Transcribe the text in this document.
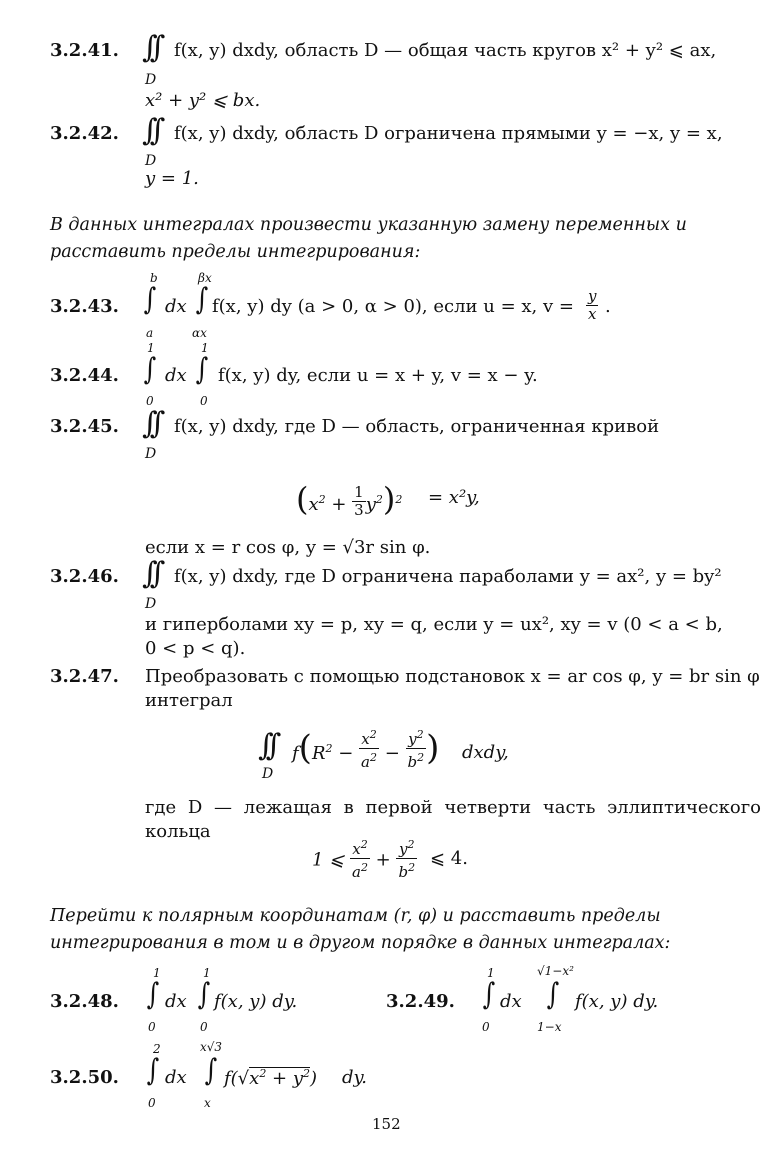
3.2.41. ∫∫
D
f(x, y) dxdy, область D — общая часть кругов x² + y² ⩽ ax,
x² + y² ⩽ bx.
3.2.42. ∫∫
D
f(x, y) dxdy, область D ограничена прямыми y = −x, y = x,
y = 1.
В данных интегралах произвести указанную замену переменных и расставить пределы интегрирования:
3.2.43.
b
∫
a
dx
βx
∫
αx
f(x, y) dy (a > 0, α > 0), если u = x, v = y
x .
3.2.44.
1
∫
0
dx
1
∫
0
f(x, y) dy, если u = x + y, v = x − y.
3.2.45. ∫∫
D
f(x, y) dxdy, где D — область, ограниченная кривой
$(x^2 + \frac{1}{3} y^2)^2 = x^2y$,
если x = r cos φ, y = √3r sin φ.
3.2.46. ∫∫
D
f(x, y) dxdy, где D ограничена параболами y = ax², y = by²
и гиперболами xy = p, xy = q, если y = ux², xy = v (0 < a < b,
0 < p < q).
3.2.47. Преобразовать с помощью подстановок x = ar cos φ, y = br sin φ
интеграл
∫∫
D
$f(R^2 - \frac{x^2}{a^2} - \frac{y^2}{b^2}$ ) dxdy,
где D — лежащая в первой четверти часть эллиптического
кольца
1 ⩽ $\frac{x^2}{a^2} + \frac{y^2}{b^2}$ ⩽ 4.
Перейти к полярным координатам (r, φ) и расставить пределы интегрирования в том и в другом порядке в данных интегралах:
3.2.48.
1
∫
0
dx
1
∫
0
f(x, y) dy.	3.2.49.
1
∫
0
dx
√1−x²
∫
1−x
f(x, y) dy.
3.2.50.
2
∫
0
dx
x√3
∫
x
$f(√x^2 + y^2)$ dy.
152
